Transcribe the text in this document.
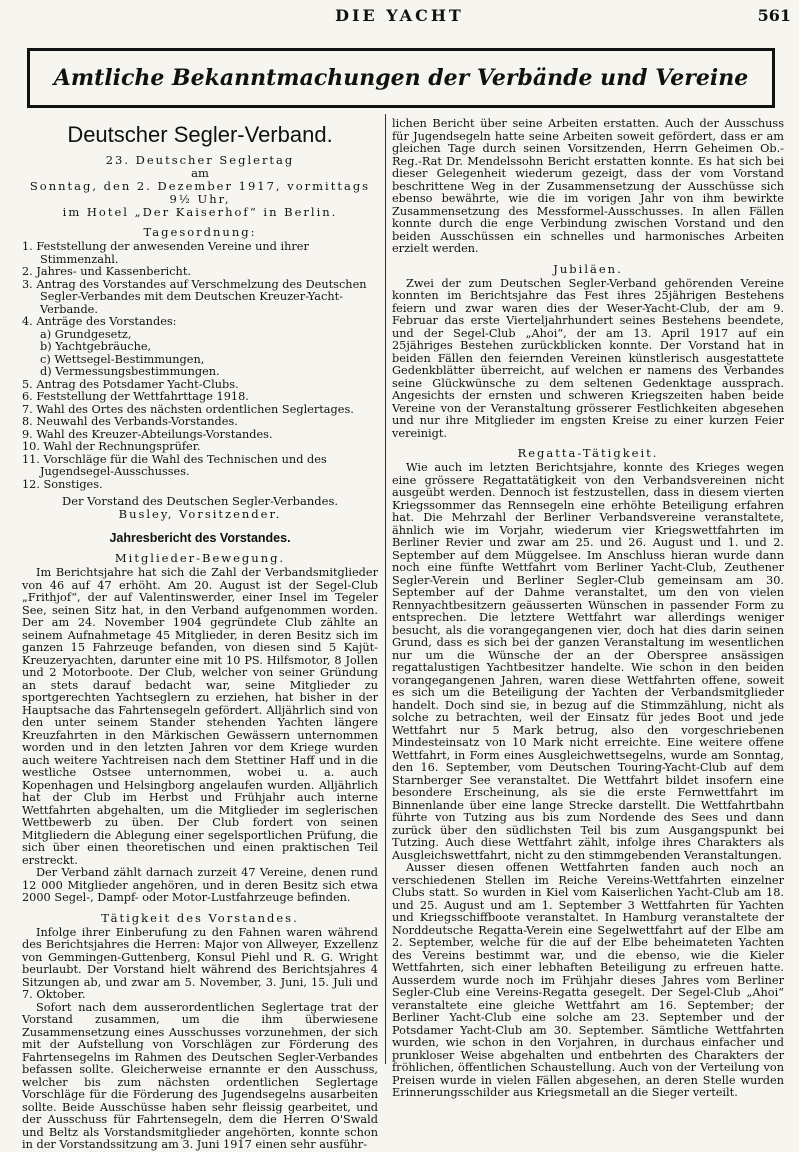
DIE YACHT	561
Amtliche Bekanntmachungen der Verbände und Vereine
Deutscher Segler-Verband.
23. Deutscher Seglertag
am
Sonntag, den 2. Dezember 1917, vormittags 9½ Uhr,
im Hotel „Der Kaiserhof“ in Berlin.
Tagesordnung:
1. Feststellung der anwesenden Vereine und ihrer Stimmenzahl.
2. Jahres- und Kassenbericht.
3. Antrag des Vorstandes auf Verschmelzung des Deutschen Segler-Verbandes mit dem Deutschen Kreuzer-Yacht-Verbande.
4. Anträge des Vorstandes:
a) Grundgesetz,
b) Yachtgebräuche,
c) Wettsegel-Bestimmungen,
d) Vermessungsbestimmungen.
5. Antrag des Potsdamer Yacht-Clubs.
6. Feststellung der Wettfahrttage 1918.
7. Wahl des Ortes des nächsten ordentlichen Seglertages.
8. Neuwahl des Verbands-Vorstandes.
9. Wahl des Kreuzer-Abteilungs-Vorstandes.
10. Wahl der Rechnungsprüfer.
11. Vorschläge für die Wahl des Technischen und des Jugendsegel-Ausschusses.
12. Sonstiges.
Der Vorstand des Deutschen Segler-Verbandes.
Busley, Vorsitzender.
Jahresbericht des Vorstandes.
Mitglieder-Bewegung.

Im Berichtsjahre hat sich die Zahl der Verbandsmitglieder von 46 auf 47 erhöht. Am 20. August ist der Segel-Club „Frithjof“, der auf Valentinswerder, einer Insel im Tegeler See, seinen Sitz hat, in den Verband aufgenommen worden. Der am 24. November 1904 gegründete Club zählte an seinem Aufnahmetage 45 Mitglieder, in deren Besitz sich im ganzen 15 Fahrzeuge befanden, von diesen sind 5 Kajüt-Kreuzeryachten, darunter eine mit 10 PS. Hilfsmotor, 8 Jollen und 2 Motorboote. Der Club, welcher von seiner Gründung an stets darauf bedacht war, seine Mitglieder zu sportgerechten Yachtseglern zu erziehen, hat bisher in der Hauptsache das Fahrtensegeln gefördert. Alljährlich sind von den unter seinem Stander stehenden Yachten längere Kreuzfahrten in den Märkischen Gewässern unternommen worden und in den letzten Jahren vor dem Kriege wurden auch weitere Yachtreisen nach dem Stettiner Haff und in die westliche Ostsee unternommen, wobei u. a. auch Kopenhagen und Helsingborg angelaufen wurden. Alljährlich hat der Club im Herbst und Frühjahr auch interne Wettfahrten abgehalten, um die Mitglieder im seglerischen Wettbewerb zu üben. Der Club fordert von seinen Mitgliedern die Ablegung einer segelsportlichen Prüfung, die sich über einen theoretischen und einen praktischen Teil erstreckt.

Der Verband zählt darnach zurzeit 47 Vereine, denen rund 12 000 Mitglieder angehören, und in deren Besitz sich etwa 2000 Segel-, Dampf- oder Motor-Lustfahrzeuge befinden.

Tätigkeit des Vorstandes.

Infolge ihrer Einberufung zu den Fahnen waren während des Berichtsjahres die Herren: Major von Allweyer, Exzellenz von Gemmingen-Guttenberg, Konsul Piehl und R. G. Wright beurlaubt. Der Vorstand hielt während des Berichtsjahres 4 Sitzungen ab, und zwar am 5. November, 3. Juni, 15. Juli und 7. Oktober.

Sofort nach dem ausserordentlichen Seglertage trat der Vorstand zusammen, um die ihm überwiesene Zusammensetzung eines Ausschusses vorzunehmen, der sich mit der Aufstellung von Vorschlägen zur Förderung des Fahrtensegelns im Rahmen des Deutschen Segler-Verbandes befassen sollte. Gleicherweise ernannte er den Ausschuss, welcher bis zum nächsten ordentlichen Seglertage Vorschläge für die Förderung des Jugendsegelns ausarbeiten sollte. Beide Ausschüsse haben sehr fleissig gearbeitet, und der Ausschuss für Fahrtensegeln, dem die Herren O'Swald und Beltz als Vorstandsmitglieder angehörten, konnte schon in der Vorstandssitzung am 3. Juni 1917 einen sehr ausführ-

lichen Bericht über seine Arbeiten erstatten. Auch der Ausschuss für Jugendsegeln hatte seine Arbeiten soweit gefördert, dass er am gleichen Tage durch seinen Vorsitzenden, Herrn Geheimen Ob.-Reg.-Rat Dr. Mendelssohn Bericht erstatten konnte. Es hat sich bei dieser Gelegenheit wiederum gezeigt, dass der vom Vorstand beschrittene Weg in der Zusammensetzung der Ausschüsse sich ebenso bewährte, wie die im vorigen Jahr von ihm bewirkte Zusammensetzung des Messformel-Ausschusses. In allen Fällen konnte durch die enge Verbindung zwischen Vorstand und den beiden Ausschüssen ein schnelles und harmonisches Arbeiten erzielt werden.

Jubiläen.

Zwei der zum Deutschen Segler-Verband gehörenden Vereine konnten im Berichtsjahre das Fest ihres 25jährigen Bestehens feiern und zwar waren dies der Weser-Yacht-Club, der am 9. Februar das erste Vierteljahrhundert seines Bestehens beendete, und der Segel-Club „Ahoi“, der am 13. April 1917 auf ein 25jähriges Bestehen zurückblicken konnte. Der Vorstand hat in beiden Fällen den feiernden Vereinen künstlerisch ausgestattete Gedenkblätter überreicht, auf welchen er namens des Verbandes seine Glückwünsche zu dem seltenen Gedenktage aussprach. Angesichts der ernsten und schweren Kriegszeiten haben beide Vereine von der Veranstaltung grösserer Festlichkeiten abgesehen und nur ihre Mitglieder im engsten Kreise zu einer kurzen Feier vereinigt.

Regatta-Tätigkeit.

Wie auch im letzten Berichtsjahre, konnte des Krieges wegen eine grössere Regattatätigkeit von den Verbandsvereinen nicht ausgeübt werden. Dennoch ist festzustellen, dass in diesem vierten Kriegssommer das Rennsegeln eine erhöhte Beteiligung erfahren hat. Die Mehrzahl der Berliner Verbandsvereine veranstaltete, ähnlich wie im Vorjahr, wiederum vier Kriegswettfahrten im Berliner Revier und zwar am 25. und 26. August und 1. und 2. September auf dem Müggelsee. Im Anschluss hieran wurde dann noch eine fünfte Wettfahrt vom Berliner Yacht-Club, Zeuthener Segler-Verein und Berliner Segler-Club gemeinsam am 30. September auf der Dahme veranstaltet, um den von vielen Rennyachtbesitzern geäusserten Wünschen in passender Form zu entsprechen. Die letztere Wettfahrt war allerdings weniger besucht, als die vorangegangenen vier, doch hat dies darin seinen Grund, dass es sich bei der ganzen Veranstaltung im wesentlichen nur um die Wünsche der an der Oberspree ansässigen regattalustigen Yachtbesitzer handelte. Wie schon in den beiden vorangegangenen Jahren, waren diese Wettfahrten offene, soweit es sich um die Beteiligung der Yachten der Verbandsmitglieder handelt. Doch sind sie, in bezug auf die Stimmzählung, nicht als solche zu betrachten, weil der Einsatz für jedes Boot und jede Wettfahrt nur 5 Mark betrug, also den vorgeschriebenen Mindesteinsatz von 10 Mark nicht erreichte. Eine weitere offene Wettfahrt, in Form eines Ausgleichwettsegelns, wurde am Sonntag, den 16. September, vom Deutschen Touring-Yacht-Club auf dem Starnberger See veranstaltet. Die Wettfahrt bildet insofern eine besondere Erscheinung, als sie die erste Fernwettfahrt im Binnenlande über eine lange Strecke darstellt. Die Wettfahrtbahn führte von Tutzing aus bis zum Nordende des Sees und dann zurück über den südlichsten Teil bis zum Ausgangspunkt bei Tutzing. Auch diese Wettfahrt zählt, infolge ihres Charakters als Ausgleichswettfahrt, nicht zu den stimmgebenden Veranstaltungen.

Ausser diesen offenen Wettfahrten fanden auch noch an verschiedenen Stellen im Reiche Vereins-Wettfahrten einzelner Clubs statt. So wurden in Kiel vom Kaiserlichen Yacht-Club am 18. und 25. August und am 1. September 3 Wettfahrten für Yachten und Kriegsschiffboote veranstaltet. In Hamburg veranstaltete der Norddeutsche Regatta-Verein eine Segelwettfahrt auf der Elbe am 2. September, welche für die auf der Elbe beheimateten Yachten des Vereins bestimmt war, und die ebenso, wie die Kieler Wettfahrten, sich einer lebhaften Beteiligung zu erfreuen hatte. Ausserdem wurde noch im Frühjahr dieses Jahres vom Berliner Segler-Club eine Vereins-Regatta gesegelt. Der Segel-Club „Ahoi“ veranstaltete eine gleiche Wettfahrt am 16. September; der Berliner Yacht-Club eine solche am 23. September und der Potsdamer Yacht-Club am 30. September. Sämtliche Wettfahrten wurden, wie schon in den Vorjahren, in durchaus einfacher und prunkloser Weise abgehalten und entbehrten des Charakters der fröhlichen, öffentlichen Schaustellung. Auch von der Verteilung von Preisen wurde in vielen Fällen abgesehen, an deren Stelle wurden Erinnerungsschilder aus Kriegsmetall an die Sieger verteilt.
